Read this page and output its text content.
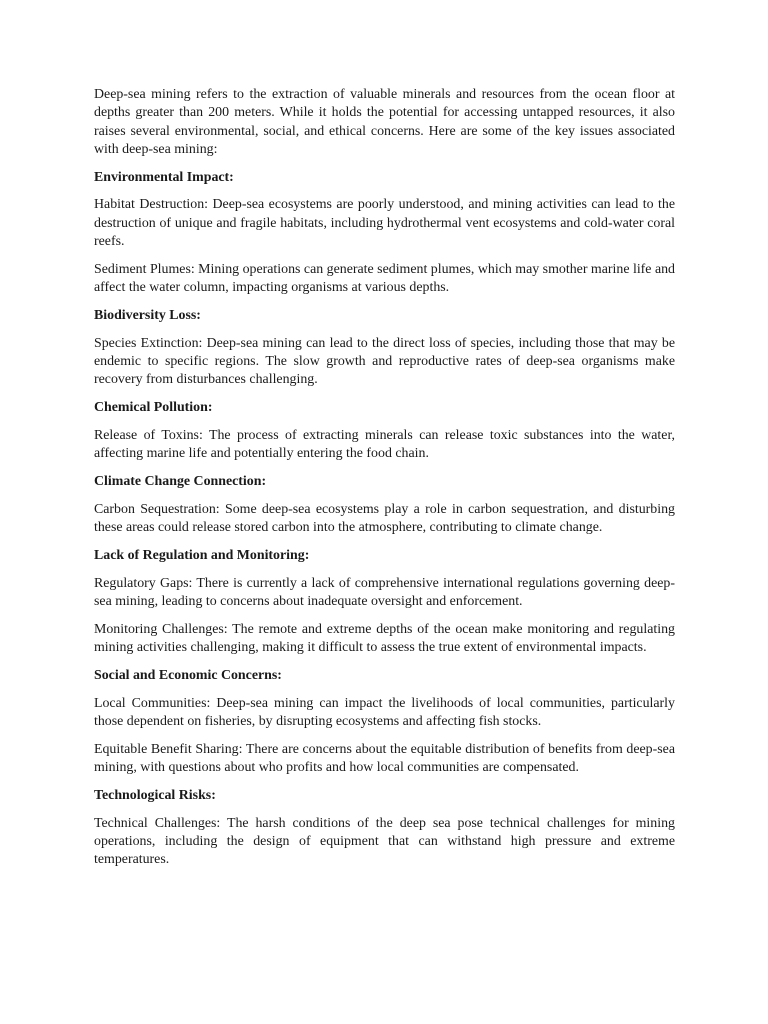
Deep-sea mining refers to the extraction of valuable minerals and resources from the ocean floor at depths greater than 200 meters. While it holds the potential for accessing untapped resources, it also raises several environmental, social, and ethical concerns. Here are some of the key issues associated with deep-sea mining:

Environmental Impact:

Habitat Destruction: Deep-sea ecosystems are poorly understood, and mining activities can lead to the destruction of unique and fragile habitats, including hydrothermal vent ecosystems and cold-water coral reefs.

Sediment Plumes: Mining operations can generate sediment plumes, which may smother marine life and affect the water column, impacting organisms at various depths.

Biodiversity Loss:

Species Extinction: Deep-sea mining can lead to the direct loss of species, including those that may be endemic to specific regions. The slow growth and reproductive rates of deep-sea organisms make recovery from disturbances challenging.

Chemical Pollution:

Release of Toxins: The process of extracting minerals can release toxic substances into the water, affecting marine life and potentially entering the food chain.

Climate Change Connection:

Carbon Sequestration: Some deep-sea ecosystems play a role in carbon sequestration, and disturbing these areas could release stored carbon into the atmosphere, contributing to climate change.

Lack of Regulation and Monitoring:

Regulatory Gaps: There is currently a lack of comprehensive international regulations governing deep-sea mining, leading to concerns about inadequate oversight and enforcement.

Monitoring Challenges: The remote and extreme depths of the ocean make monitoring and regulating mining activities challenging, making it difficult to assess the true extent of environmental impacts.

Social and Economic Concerns:

Local Communities: Deep-sea mining can impact the livelihoods of local communities, particularly those dependent on fisheries, by disrupting ecosystems and affecting fish stocks.

Equitable Benefit Sharing: There are concerns about the equitable distribution of benefits from deep-sea mining, with questions about who profits and how local communities are compensated.

Technological Risks:

Technical Challenges: The harsh conditions of the deep sea pose technical challenges for mining operations, including the design of equipment that can withstand high pressure and extreme temperatures.
